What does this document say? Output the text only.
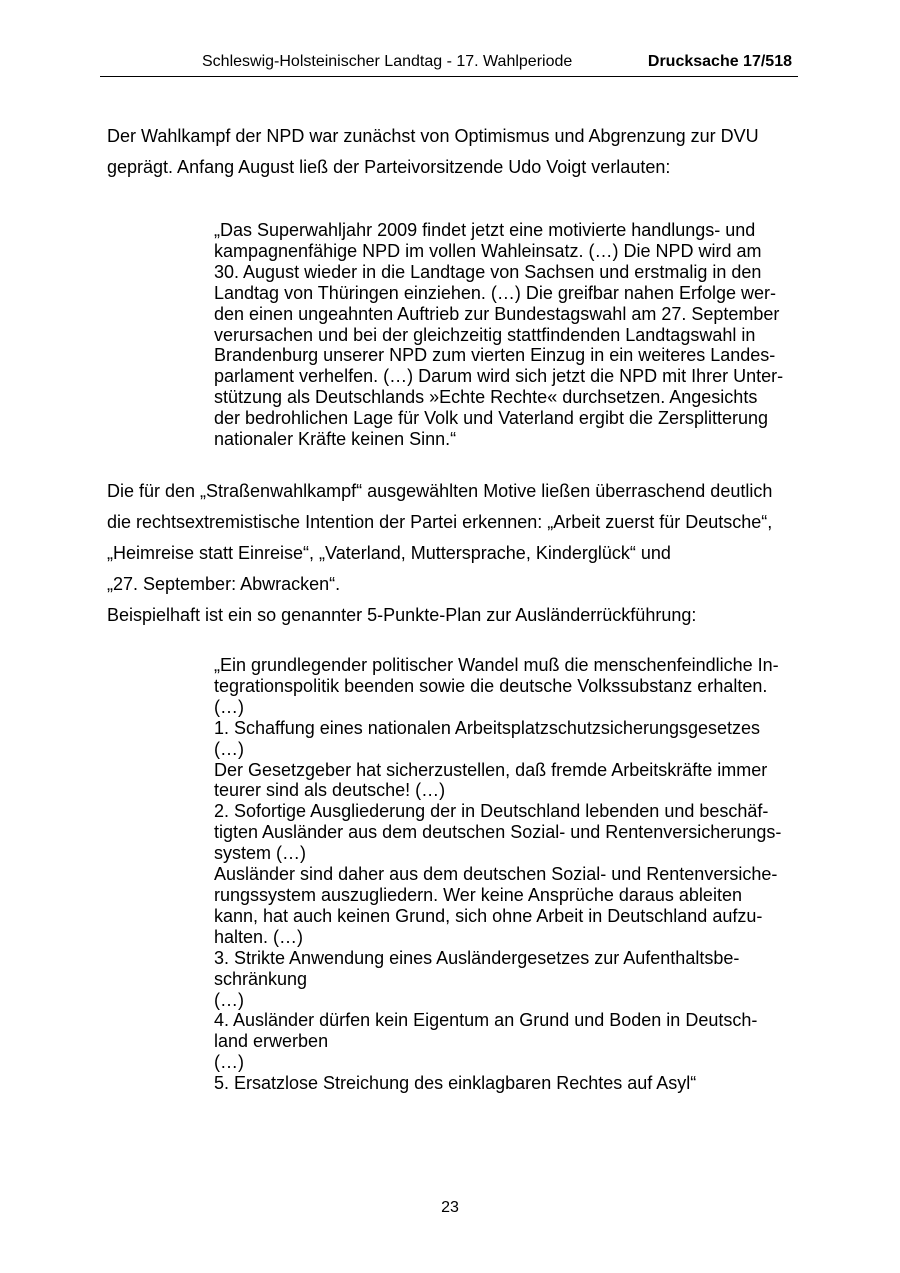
Schleswig-Holsteinischer Landtag - 17. Wahlperiode	Drucksache 17/518
Der Wahlkampf der NPD war zunächst von Optimismus und Abgrenzung zur DVU
geprägt. Anfang August ließ der Parteivorsitzende Udo Voigt verlauten:
„Das Superwahljahr 2009 findet jetzt eine motivierte handlungs- und
kampagnenfähige NPD im vollen Wahleinsatz. (…) Die NPD wird am
30. August wieder in die Landtage von Sachsen und erstmalig in den
Landtag von Thüringen einziehen. (…) Die greifbar nahen Erfolge wer-
den einen ungeahnten Auftrieb zur Bundestagswahl am 27. September
verursachen und bei der gleichzeitig stattfindenden Landtagswahl in
Brandenburg unserer NPD zum vierten Einzug in ein weiteres Landes-
parlament verhelfen. (…) Darum wird sich jetzt die NPD mit Ihrer Unter-
stützung als Deutschlands »Echte Rechte« durchsetzen. Angesichts
der bedrohlichen Lage für Volk und Vaterland ergibt die Zersplitterung
nationaler Kräfte keinen Sinn.“
Die für den „Straßenwahlkampf“ ausgewählten Motive ließen überraschend deutlich
die rechtsextremistische Intention der Partei erkennen: „Arbeit zuerst für Deutsche“,
„Heimreise statt Einreise“, „Vaterland, Muttersprache, Kinderglück“ und
„27. September: Abwracken“.
Beispielhaft ist ein so genannter 5-Punkte-Plan zur Ausländerrückführung:
„Ein grundlegender politischer Wandel muß die menschenfeindliche In-
tegrationspolitik beenden sowie die deutsche Volkssubstanz erhalten.
(…)
1. Schaffung eines nationalen Arbeitsplatzschutzsicherungsgesetzes
(…)
Der Gesetzgeber hat sicherzustellen, daß fremde Arbeitskräfte immer
teurer sind als deutsche! (…)
2. Sofortige Ausgliederung der in Deutschland lebenden und beschäf-
tigten Ausländer aus dem deutschen Sozial- und Rentenversicherungs-
system (…)
Ausländer sind daher aus dem deutschen Sozial- und Rentenversiche-
rungssystem auszugliedern. Wer keine Ansprüche daraus ableiten
kann, hat auch keinen Grund, sich ohne Arbeit in Deutschland aufzu-
halten. (…)
3. Strikte Anwendung eines Ausländergesetzes zur Aufenthaltsbe-
schränkung
(…)
4. Ausländer dürfen kein Eigentum an Grund und Boden in Deutsch-
land erwerben
(…)
5. Ersatzlose Streichung des einklagbaren Rechtes auf Asyl“
23
